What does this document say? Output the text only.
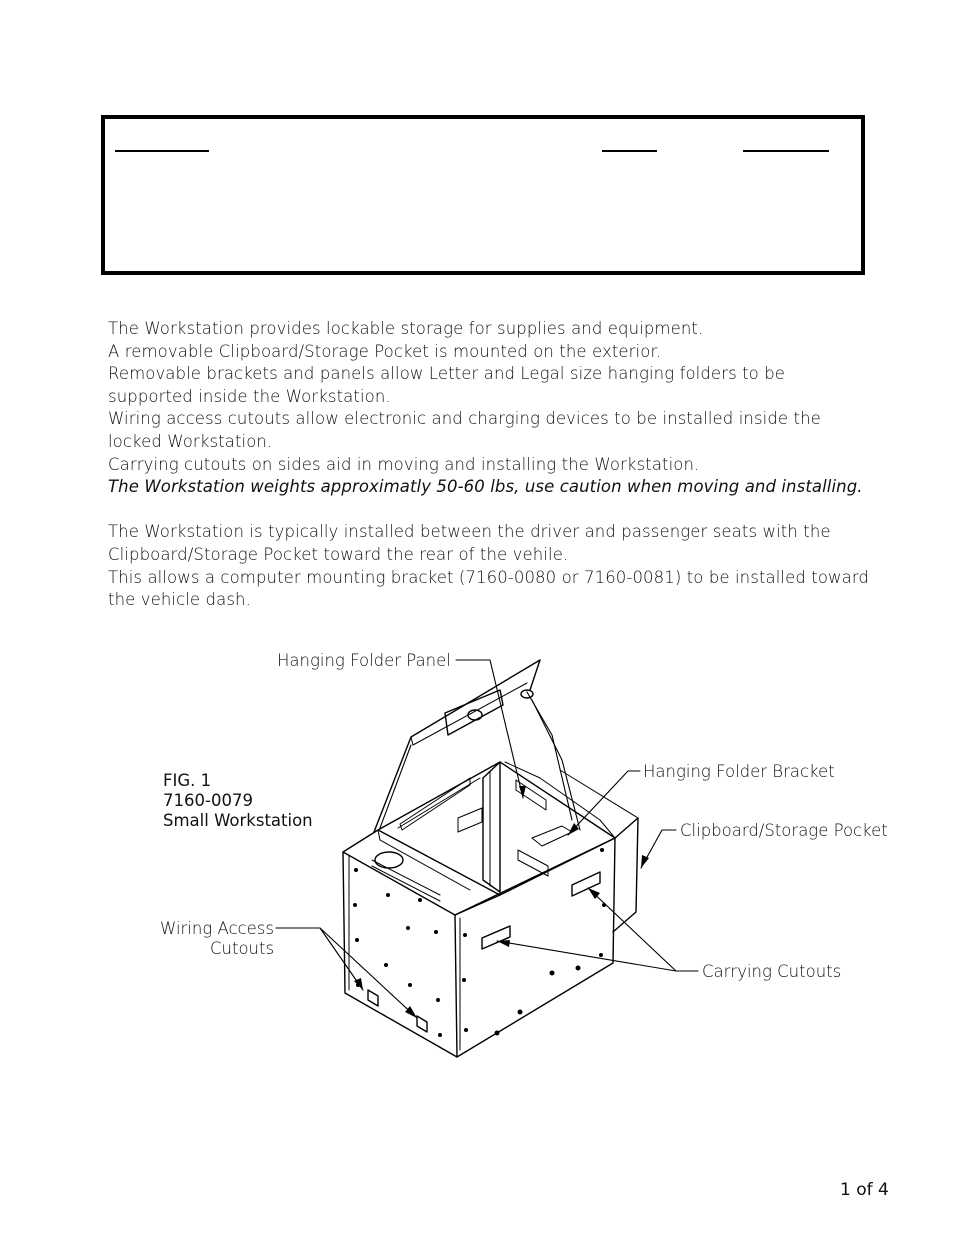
The Workstation provides lockable storage for supplies and equipment.

A removable Clipboard/Storage Pocket is mounted on the exterior.

Removable brackets and panels allow Letter and Legal size hanging folders to be

supported inside the Workstation.

Wiring access cutouts allow electronic and charging devices to be installed inside the

locked Workstation.

Carrying cutouts on sides aid in moving and installing the Workstation.

The Workstation weights approximatly 50-60 lbs, use caution when moving and installing.

The Workstation is typically installed between the driver and passenger seats with the

Clipboard/Storage Pocket toward the rear of the vehile.

This allows a computer mounting bracket (7160-0080 or 7160-0081) to be installed toward

the vehicle dash.

Hanging Folder Panel
Hanging Folder Bracket
Clipboard/Storage Pocket
Wiring Access
Cutouts
Carrying Cutouts
FIG. 1
7160-0079
Small Workstation
1 of 4
